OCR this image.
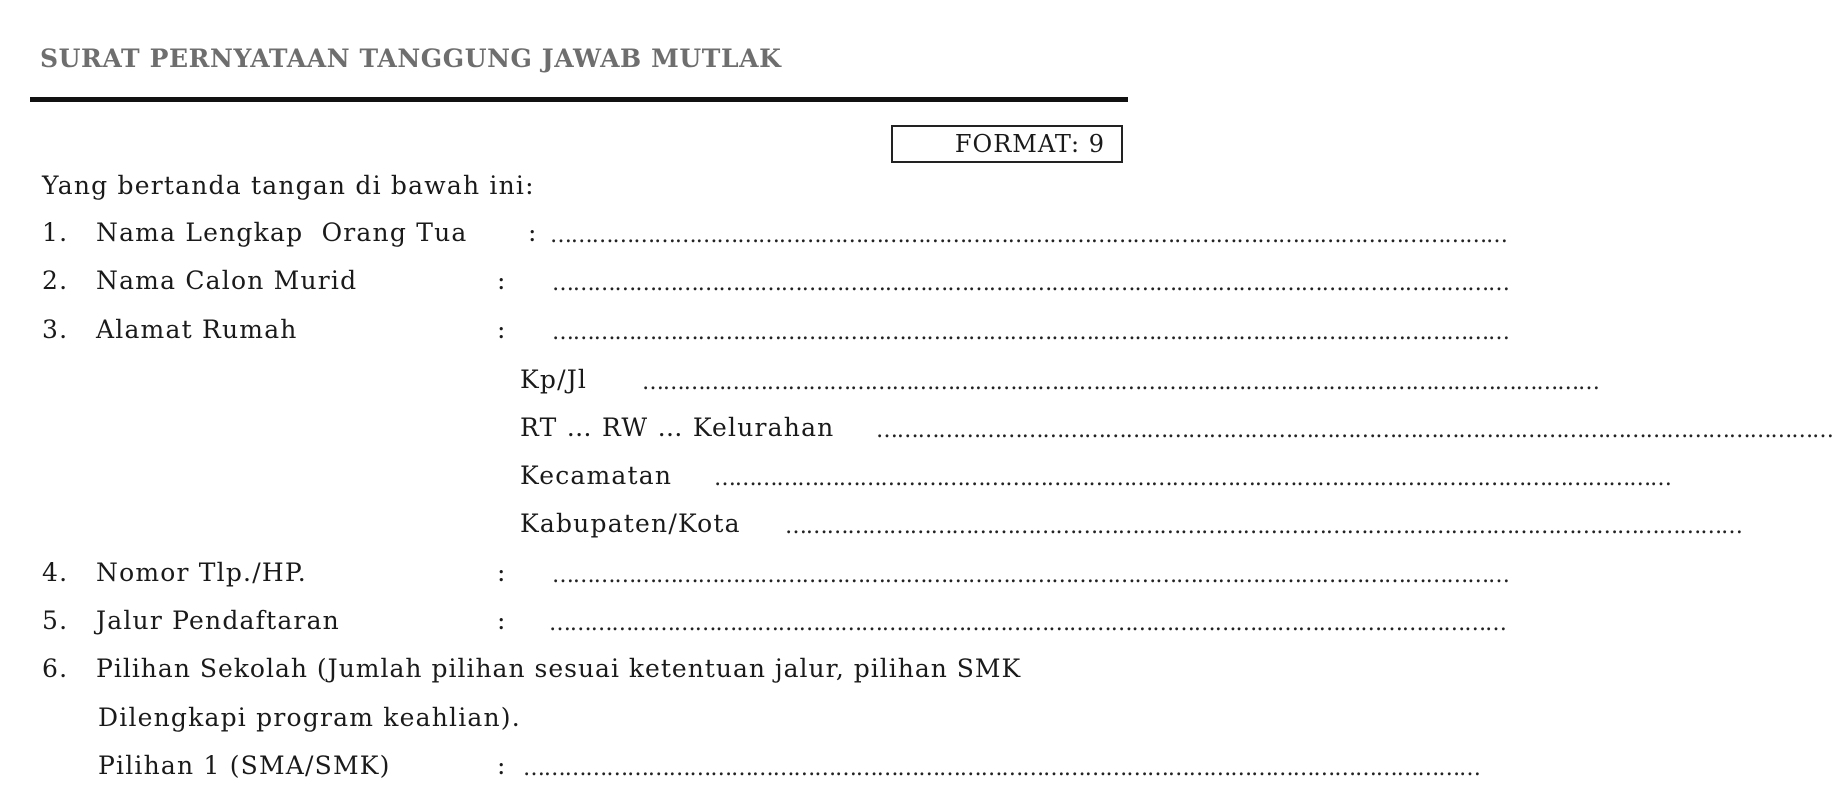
SURAT PERNYATAAN TANGGUNG JAWAB MUTLAK
FORMAT: 9
Yang bertanda tangan di bawah ini:
1. Nama Lengkap  Orang Tua : …………………………………………………………………………………………………………………………
2. Nama Calon Murid	: …………………………………………………………………………………………………………………………
3. Alamat Rumah	: …………………………………………………………………………………………………………………………
Kp/Jl …………………………………………………………………………………………………………………………
RT … RW … Kelurahan …………………………………………………………………………………………………………………………
Kecamatan …………………………………………………………………………………………………………………………
Kabupaten/Kota …………………………………………………………………………………………………………………………
4. Nomor Tlp./HP.	: …………………………………………………………………………………………………………………………
5. Jalur Pendaftaran	: …………………………………………………………………………………………………………………………
6. Pilihan Sekolah (Jumlah pilihan sesuai ketentuan jalur, pilihan SMK
Dilengkapi program keahlian).
Pilihan 1 (SMA/SMK)	: …………………………………………………………………………………………………………………………
